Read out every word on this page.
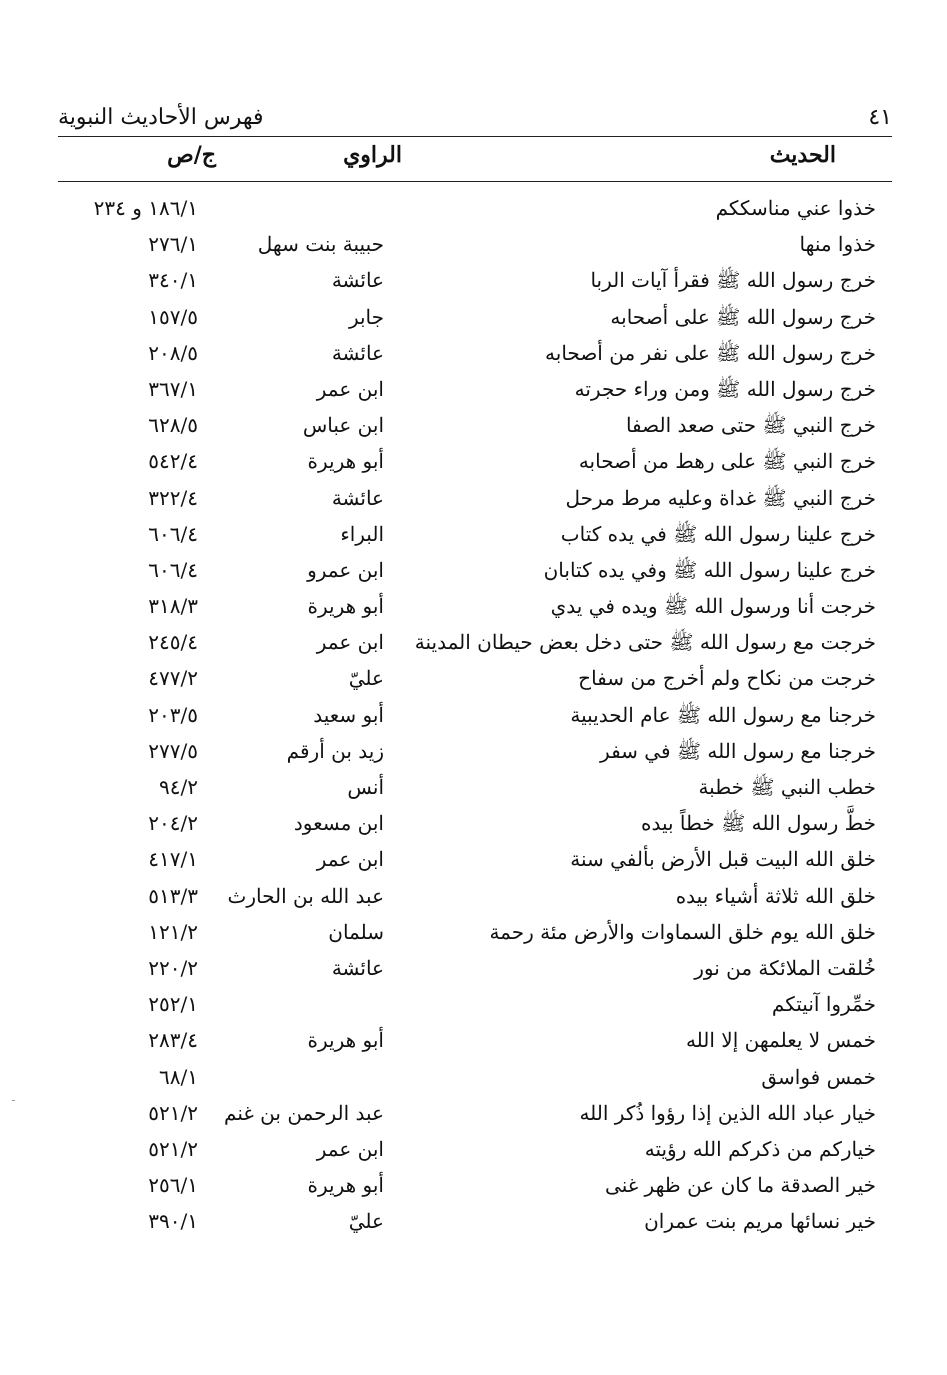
فهرس الأحاديث النبوية	٤١
الحديث
الراوي
ج/ص
خذوا عني مناسككم
١٨٦/١ و ٢٣٤
خذوا منها
حبيبة بنت سهل
٢٧٦/١
خرج رسول الله ﷺ فقرأ آيات الربا
عائشة
٣٤٠/١
خرج رسول الله ﷺ على أصحابه
جابر
١٥٧/٥
خرج رسول الله ﷺ على نفر من أصحابه
عائشة
٢٠٨/٥
خرج رسول الله ﷺ ومن وراء حجرته
ابن عمر
٣٦٧/١
خرج النبي ﷺ حتى صعد الصفا
ابن عباس
٦٢٨/٥
خرج النبي ﷺ على رهط من أصحابه
أبو هريرة
٥٤٢/٤
خرج النبي ﷺ غداة وعليه مرط مرحل
عائشة
٣٢٢/٤
خرج علينا رسول الله ﷺ في يده كتاب
البراء
٦٠٦/٤
خرج علينا رسول الله ﷺ وفي يده كتابان
ابن عمرو
٦٠٦/٤
خرجت أنا ورسول الله ﷺ ويده في يدي
أبو هريرة
٣١٨/٣
خرجت مع رسول الله ﷺ حتى دخل بعض حيطان المدينة
ابن عمر
٢٤٥/٤
خرجت من نكاح ولم أخرج من سفاح
عليّ
٤٧٧/٢
خرجنا مع رسول الله ﷺ عام الحديبية
أبو سعيد
٢٠٣/٥
خرجنا مع رسول الله ﷺ في سفر
زيد بن أرقم
٢٧٧/٥
خطب النبي ﷺ خطبة
أنس
٩٤/٢
خطَّ رسول الله ﷺ خطاً بيده
ابن مسعود
٢٠٤/٢
خلق الله البيت قبل الأرض بألفي سنة
ابن عمر
٤١٧/١
خلق الله ثلاثة أشياء بيده
عبد الله بن الحارث
٥١٣/٣
خلق الله يوم خلق السماوات والأرض مئة رحمة
سلمان
١٢١/٢
خُلقت الملائكة من نور
عائشة
٢٢٠/٢
خمِّروا آنيتكم
٢٥٢/١
خمس لا يعلمهن إلا الله
أبو هريرة
٢٨٣/٤
خمس فواسق
٦٨/١
خيار عباد الله الذين إذا رؤوا ذُكر الله
عبد الرحمن بن غنم
٥٢١/٢
خياركم من ذكركم الله رؤيته
ابن عمر
٥٢١/٢
خير الصدقة ما كان عن ظهر غنى
أبو هريرة
٢٥٦/١
خير نسائها مريم بنت عمران
عليّ
٣٩٠/١
